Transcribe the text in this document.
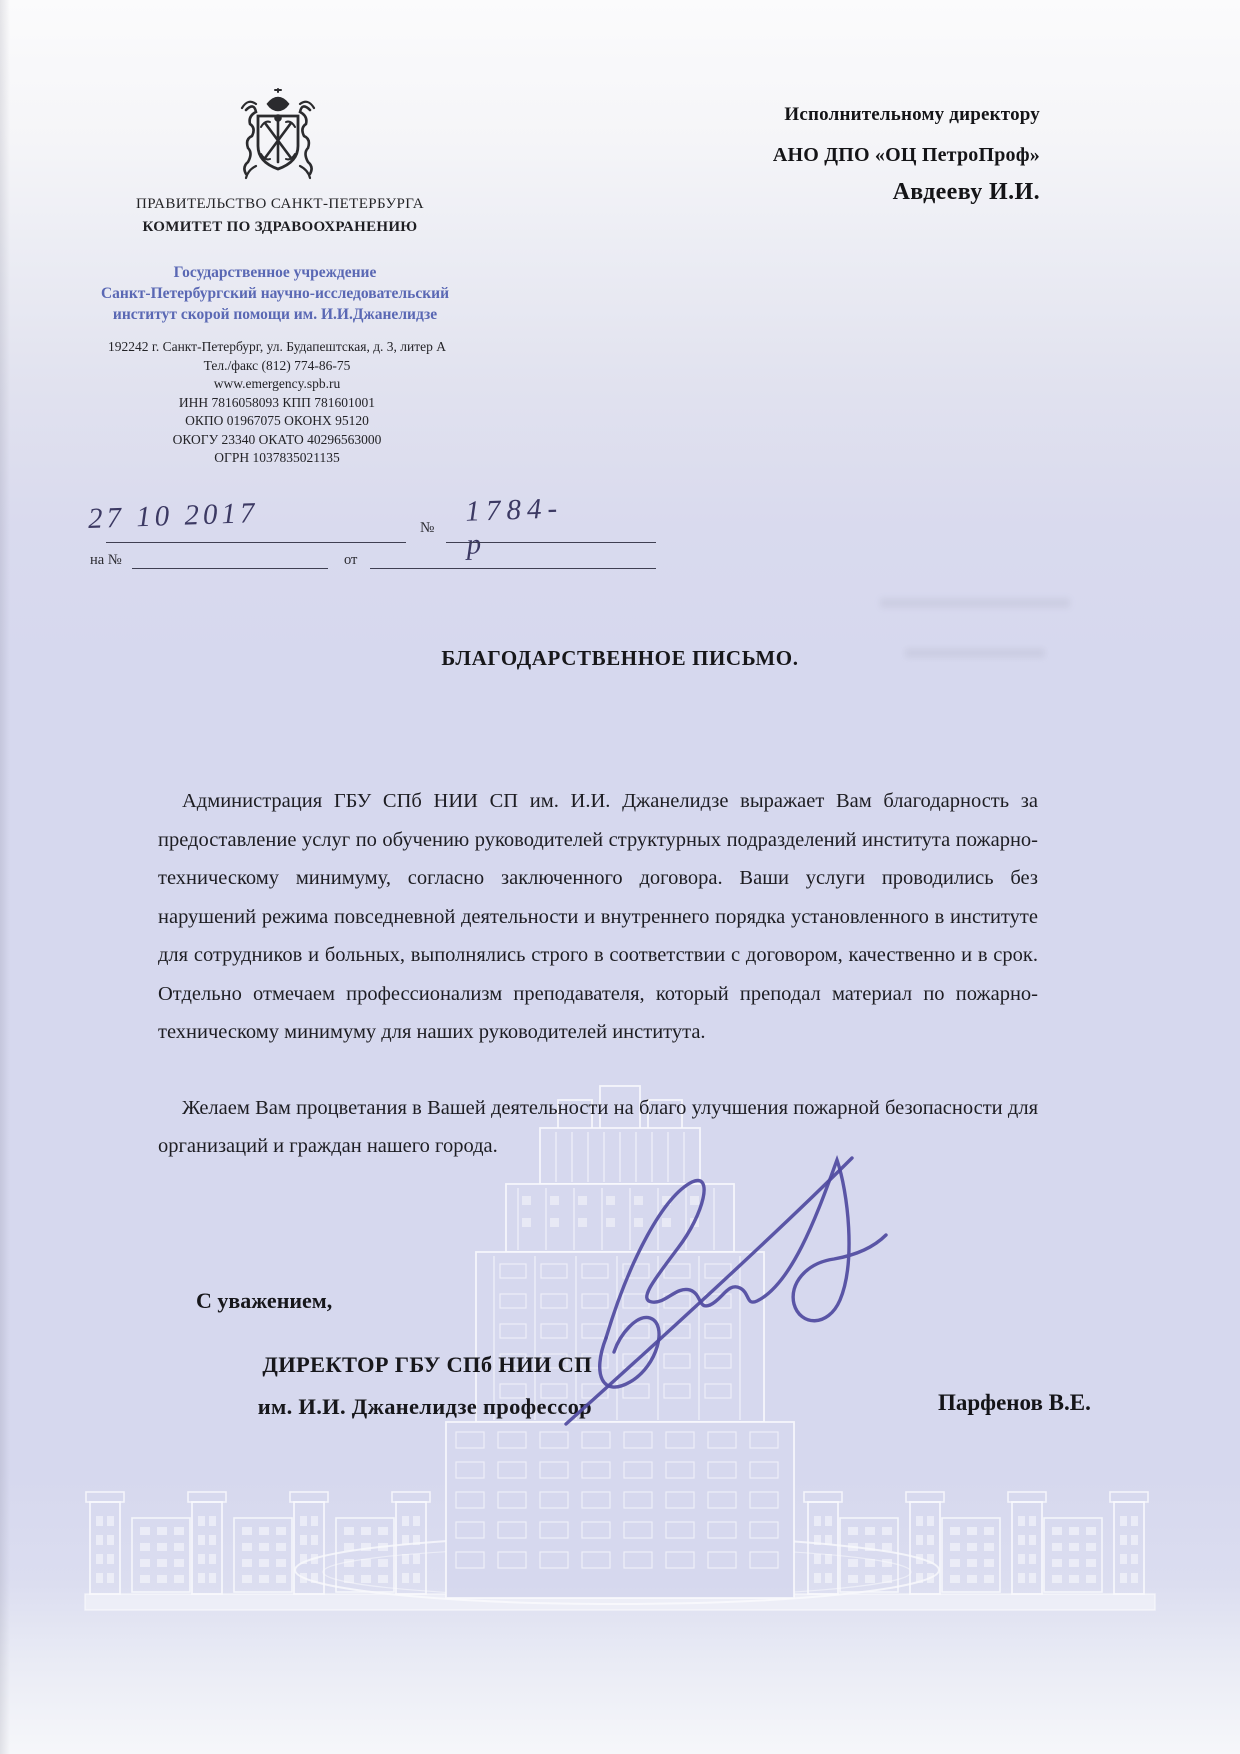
ПРАВИТЕЛЬСТВО САНКТ-ПЕТЕРБУРГА
КОМИТЕТ ПО ЗДРАВООХРАНЕНИЮ
Исполнительному директору
АНО ДПО «ОЦ ПетроПроф»
Авдееву И.И.
Государственное учреждение
Санкт-Петербургский научно-исследовательский
институт скорой помощи им. И.И.Джанелидзе
192242 г. Санкт-Петербург, ул. Будапештская, д. 3, литер А
Тел./факс (812) 774-86-75
www.emergency.spb.ru
ИНН 7816058093 КПП 781601001
ОКПО 01967075 ОКОНХ 95120
ОКОГУ 23340 ОКАТО 40296563000
ОГРН 1037835021135
27 10 2017	№
1784-р
на №	от
БЛАГОДАРСТВЕННОЕ ПИСЬМО.

Администрация ГБУ СПб НИИ СП им. И.И. Джанелидзе выражает Вам благодарность за предоставление услуг по обучению руководителей структурных подразделений института пожарно- техническому минимуму, согласно заключенного договора. Ваши услуги проводились без нарушений режима повседневной деятельности и внутреннего порядка установленного в институте для сотрудников и больных, выполнялись строго в соответствии с договором, качественно и в срок. Отдельно отмечаем профессионализм преподавателя, который преподал материал по пожарно- техническому минимуму для наших руководителей института.

Желаем Вам процветания в Вашей деятельности на благо улучшения пожарной безопасности для организаций и граждан нашего города.

С уважением,
ДИРЕКТОР ГБУ СПб НИИ СП
им. И.И. Джанелидзе профессор	Парфенов В.Е.
